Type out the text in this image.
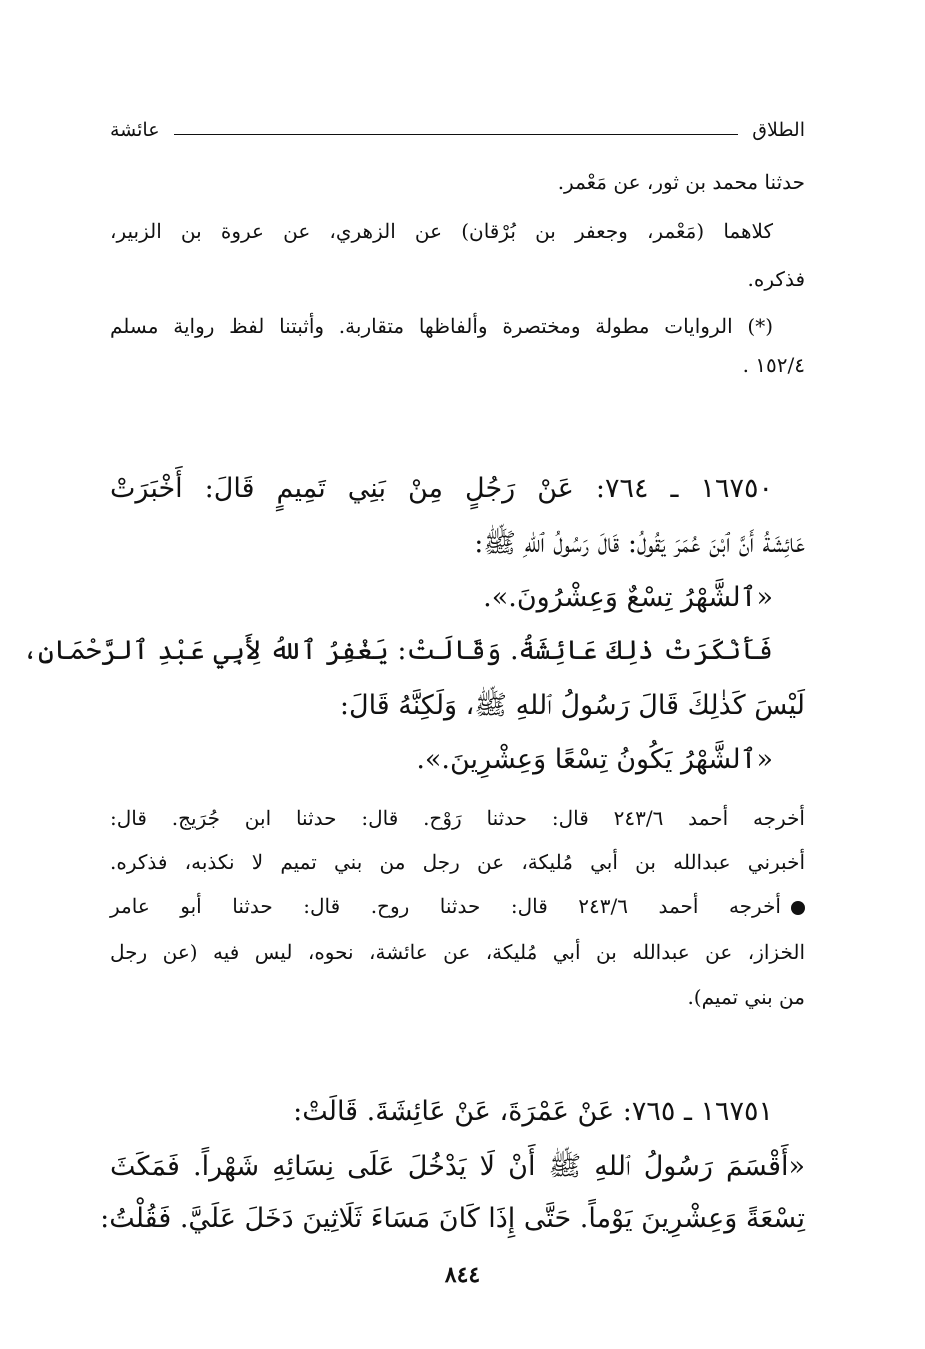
الطلاق
عائشة
حدثنا محمد بن ثور، عن مَعْمر.
كلاهما (مَعْمر، وجعفر بن بُرْقان) عن الزهري، عن عروة بن الزبير،
فذكره.
(*) الروايات مطولة ومختصرة وألفاظها متقاربة. وأثبتنا لفظ رواية مسلم
١٥٢/٤ .
١٦٧٥٠ ـ ٧٦٤: عَنْ رَجُلٍ مِنْ بَنِي تَمِيمٍ قَالَ: أَخْبَرَتْ
عَائِشَةُ أَنَّ ٱبْنَ عُمَرَ يَقُولُ: قَالَ رَسُولُ ٱللهِ ﷺ:
«ٱلشَّهْرُ تِسْعٌ وَعِشْرُونَ.».
فَأَنْكَرَتْ ذٰلِكَ عَائِشَةُ. وَقَالَتْ: يَغْفِرُ ٱللهُ لِأَبِي عَبْدِ ٱلرَّحْمَانِ،
لَيْسَ كَذٰلِكَ قَالَ رَسُولُ ٱللهِ ﷺ، وَلَكِنَّهُ قَالَ:
«ٱلشَّهْرُ يَكُونُ تِسْعًا وَعِشْرِينَ.».
أخرجه أحمد ٢٤٣/٦ قال: حدثنا رَوْح. قال: حدثنا ابن جُرَيج. قال:
أخبرني عبدالله بن أبي مُليكة، عن رجل من بني تميم لا نكذبه، فذكره.
أخرجه أحمد ٢٤٣/٦ قال: حدثنا روح. قال: حدثنا أبو عامر
الخزاز، عن عبدالله بن أبي مُليكة، عن عائشة، نحوه، ليس فيه (عن رجل
من بني تميم).
١٦٧٥١ ـ ٧٦٥: عَنْ عَمْرَةَ، عَنْ عَائِشَةَ. قَالَتْ:
«أَقْسَمَ رَسُولُ ٱللهِ ﷺ أَنْ لَا يَدْخُلَ عَلَى نِسَائِهِ شَهْراً. فَمَكَثَ
تِسْعَةً وَعِشْرِينَ يَوْماً. حَتَّى إِذَا كَانَ مَسَاءَ ثَلَاثِينَ دَخَلَ عَلَيَّ. فَقُلْتُ:
٨٤٤
